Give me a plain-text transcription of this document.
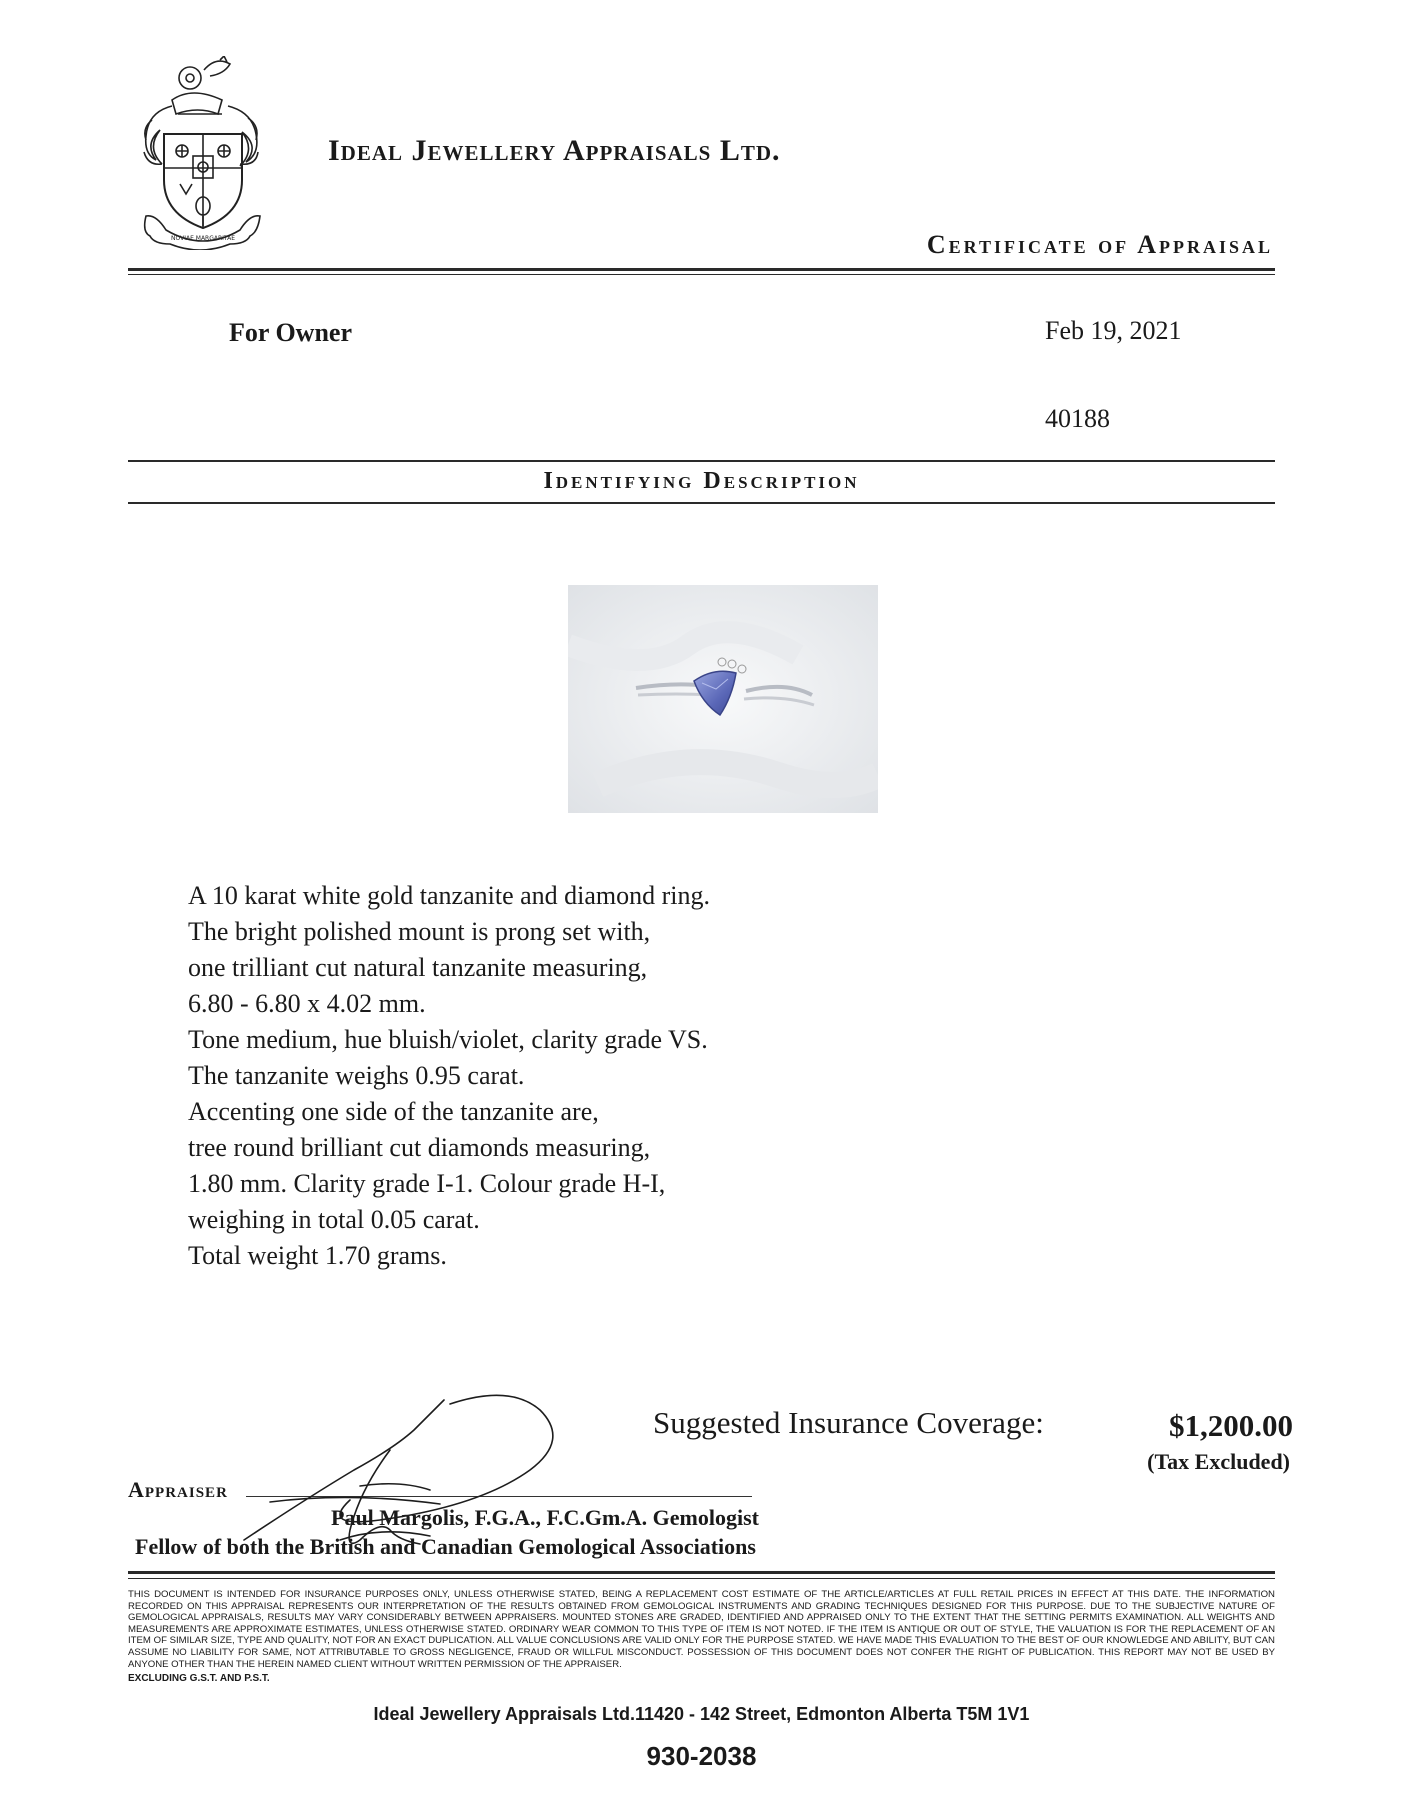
NOVIAE MARGARITAE
Ideal Jewellery Appraisals Ltd.
Certificate of Appraisal
For Owner	Feb 19, 2021
40188
Identifying Description
A 10 karat white gold tanzanite and diamond ring.
The bright polished mount is prong set with,
one trilliant cut natural tanzanite measuring,
6.80 - 6.80 x 4.02 mm.
Tone medium, hue bluish/violet, clarity grade VS.
The tanzanite weighs 0.95 carat.
Accenting one side of the tanzanite are,
tree round brilliant cut diamonds measuring,
1.80 mm. Clarity grade I-1. Colour grade H-I,
weighing in total 0.05 carat.
Total weight 1.70 grams.
Suggested Insurance Coverage:	$1,200.00
(Tax Excluded)
Appraiser
Paul Margolis, F.G.A., F.C.Gm.A. Gemologist
Fellow of both the British and Canadian Gemological Associations
THIS DOCUMENT IS INTENDED FOR INSURANCE PURPOSES ONLY, UNLESS OTHERWISE STATED, BEING A REPLACEMENT COST ESTIMATE OF THE ARTICLE/ARTICLES AT FULL RETAIL PRICES IN EFFECT AT THIS DATE. THE INFORMATION RECORDED ON THIS APPRAISAL REPRESENTS OUR INTERPRETATION OF THE RESULTS OBTAINED FROM GEMOLOGICAL INSTRUMENTS AND GRADING TECHNIQUES DESIGNED FOR THIS PURPOSE. DUE TO THE SUBJECTIVE NATURE OF GEMOLOGICAL APPRAISALS, RESULTS MAY VARY CONSIDERABLY BETWEEN APPRAISERS. MOUNTED STONES ARE GRADED, IDENTIFIED AND APPRAISED ONLY TO THE EXTENT THAT THE SETTING PERMITS EXAMINATION. ALL WEIGHTS AND MEASUREMENTS ARE APPROXIMATE ESTIMATES, UNLESS OTHERWISE STATED. ORDINARY WEAR COMMON TO THIS TYPE OF ITEM IS NOT NOTED. IF THE ITEM IS ANTIQUE OR OUT OF STYLE, THE VALUATION IS FOR THE REPLACEMENT OF AN ITEM OF SIMILAR SIZE, TYPE AND QUALITY, NOT FOR AN EXACT DUPLICATION. ALL VALUE CONCLUSIONS ARE VALID ONLY FOR THE PURPOSE STATED. WE HAVE MADE THIS EVALUATION TO THE BEST OF OUR KNOWLEDGE AND ABILITY, BUT CAN ASSUME NO LIABILITY FOR SAME, NOT ATTRIBUTABLE TO GROSS NEGLIGENCE, FRAUD OR WILLFUL MISCONDUCT. POSSESSION OF THIS DOCUMENT DOES NOT CONFER THE RIGHT OF PUBLICATION. THIS REPORT MAY NOT BE USED BY ANYONE OTHER THAN THE HEREIN NAMED CLIENT WITHOUT WRITTEN PERMISSION OF THE APPRAISER.
EXCLUDING G.S.T. AND P.S.T.
Ideal Jewellery Appraisals Ltd.11420 - 142 Street, Edmonton Alberta T5M 1V1
930-2038
